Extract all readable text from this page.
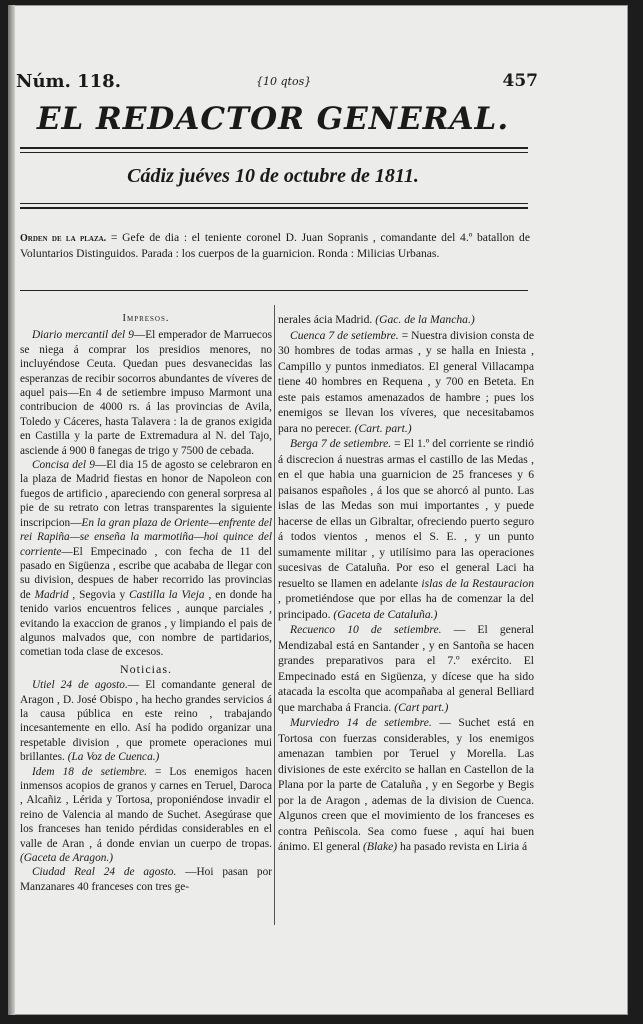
Núm. 118.	{10 qtos}	457
EL REDACTOR GENERAL.
Cádiz juéves 10 de octubre de 1811.
Orden de la plaza. = Gefe de dia : el teniente coronel D. Juan Sopranis , comandante del 4.º batallon de Voluntarios Distinguidos. Parada : los cuerpos de la guarnicion. Ronda : Milicias Urbanas.
Impresos.

Diario mercantil del 9—El emperador de Marruecos se niega á comprar los presidios menores, no incluyéndose Ceuta. Quedan pues desvanecidas las esperanzas de recibir socorros abundantes de víveres de aquel pais—En 4 de setiembre impuso Marmont una contribucion de 4000 rs. á las provincias de Avila, Toledo y Cáceres, hasta Talavera : la de granos exigida en Castilla y la parte de Extremadura al N. del Tajo, asciende á 900 θ fanegas de trigo y 7500 de cebada.

Concisa del 9—El dia 15 de agosto se celebraron en la plaza de Madrid fiestas en honor de Napoleon con fuegos de artificio , apareciendo con general sorpresa al pie de su retrato con letras transparentes la siguiente inscripcion—En la gran plaza de Oriente—enfrente del rei Rapiña—se enseña la marmotiña—hoi quince del corriente—El Empecinado , con fecha de 11 del pasado en Sigüenza , escribe que acababa de llegar con su division, despues de haber recorrido las provincias de Madrid , Segovia y Castilla la Vieja , en donde ha tenido varios encuentros felices , aunque parciales , evitando la exaccion de granos , y limpiando el pais de algunos malvados que, con nombre de partidarios, cometian toda clase de excesos.

Noticias.

Utiel 24 de agosto.— El comandante general de Aragon , D. José Obispo , ha hecho grandes servicios á la causa pública en este reino , trabajando incesantemente en ello. Así ha podido organizar una respetable division , que promete operaciones mui brillantes. (La Voz de Cuenca.)

Idem 18 de setiembre. = Los enemigos hacen inmensos acopios de granos y carnes en Teruel, Daroca , Alcañiz , Lérida y Tortosa, proponiéndose invadir el reino de Valencia al mando de Suchet. Asegúrase que los franceses han tenido pérdidas considerables en el valle de Aran , á donde envian un cuerpo de tropas. (Gaceta de Aragon.)

Ciudad Real 24 de agosto. —Hoi pasan por Manzanares 40 franceses con tres ge-

nerales ácia Madrid. (Gac. de la Mancha.)

Cuenca 7 de setiembre. = Nuestra division consta de 30 hombres de todas armas , y se halla en Iniesta , Campillo y puntos inmediatos. El general Villacampa tiene 40 hombres en Requena , y 700 en Beteta. En este pais estamos amenazados de hambre ; pues los enemigos se llevan los víveres, que necesitabamos para no perecer. (Cart. part.)

Berga 7 de setiembre. = El 1.º del corriente se rindió á discrecion á nuestras armas el castillo de las Medas , en el que habia una guarnicion de 25 franceses y 6 paisanos españoles , á los que se ahorcó al punto. Las islas de las Medas son mui importantes , y puede hacerse de ellas un Gibraltar, ofreciendo puerto seguro á todos vientos , menos el S. E. , y un punto sumamente militar , y utilísimo para las operaciones sucesivas de Cataluña. Por eso el general Laci ha resuelto se llamen en adelante islas de la Restauracion , prometiéndose que por ellas ha de comenzar la del principado. (Gaceta de Cataluña.)

Recuenco 10 de setiembre. — El general Mendizabal está en Santander , y en Santoña se hacen grandes preparativos para el 7.º exército. El Empecinado está en Sigüenza, y dícese que ha sido atacada la escolta que acompañaba al general Belliard que marchaba á Francia. (Cart part.)

Murviedro 14 de setiembre. — Suchet está en Tortosa con fuerzas considerables, y los enemigos amenazan tambien por Teruel y Morella. Las divisiones de este exército se hallan en Castellon de la Plana por la parte de Cataluña , y en Segorbe y Begis por la de Aragon , ademas de la division de Cuenca. Algunos creen que el movimiento de los franceses es contra Peñiscola. Sea como fuese , aquí hai buen ánimo. El general (Blake) ha pasado revista en Liria á
